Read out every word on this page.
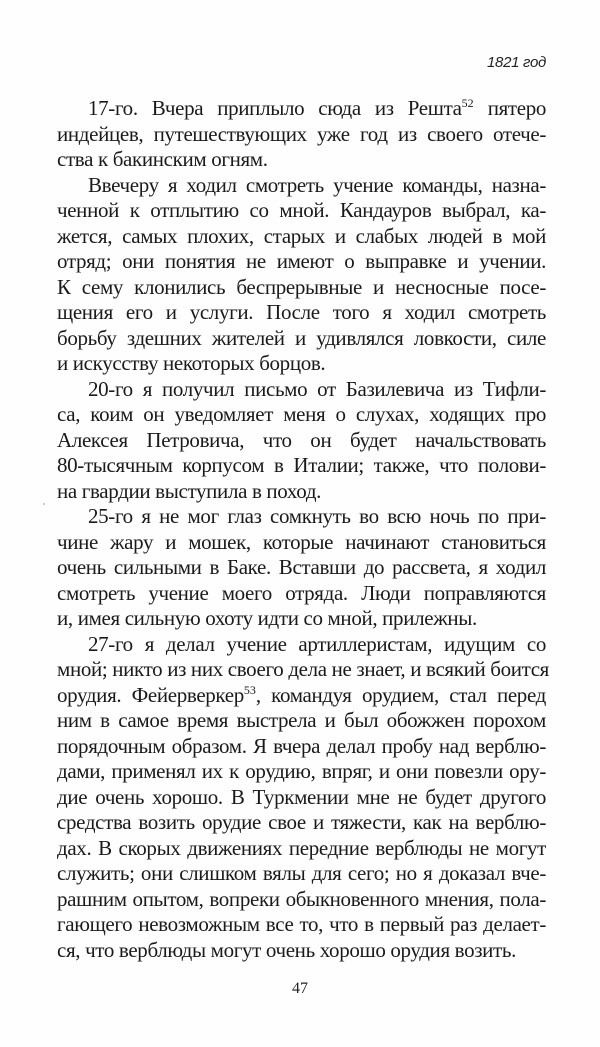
1821 год
17-го. Вчера приплыло сюда из Решта$^{52}$ пятеро
индейцев, путешествующих уже год из своего отече-
ства к бакинским огням.
Ввечеру я ходил смотреть учение команды, назна-
ченной к отплытию со мной. Кандауров выбрал, ка-
жется, самых плохих, старых и слабых людей в мой
отряд; они понятия не имеют о выправке и учении.
К сему клонились беспрерывные и несносные посе-
щения его и услуги. После того я ходил смотреть
борьбу здешних жителей и удивлялся ловкости, силе
и искусству некоторых борцов.
20-го я получил письмо от Базилевича из Тифли-
са, коим он уведомляет меня о слухах, ходящих про
Алексея Петровича, что он будет начальствовать
80-тысячным корпусом в Италии; также, что полови-
на гвардии выступила в поход.
25-го я не мог глаз сомкнуть во всю ночь по при-
чине жару и мошек, которые начинают становиться
очень сильными в Баке. Вставши до рассвета, я ходил
смотреть учение моего отряда. Люди поправляются
и, имея сильную охоту идти со мной, прилежны.
27-го я делал учение артиллеристам, идущим со
мной; никто из них своего дела не знает, и всякий боится
орудия. Фейерверкер$^{53}$, командуя орудием, стал перед
ним в самое время выстрела и был обожжен порохом
порядочным образом. Я вчера делал пробу над верблю-
дами, применял их к орудию, впряг, и они повезли ору-
дие очень хорошо. В Туркмении мне не будет другого
средства возить орудие свое и тяжести, как на верблю-
дах. В скорых движениях передние верблюды не могут
служить; они слишком вялы для сего; но я доказал вче-
рашним опытом, вопреки обыкновенного мнения, пола-
гающего невозможным все то, что в первый раз делает-
ся, что верблюды могут очень хорошо орудия возить.
47
